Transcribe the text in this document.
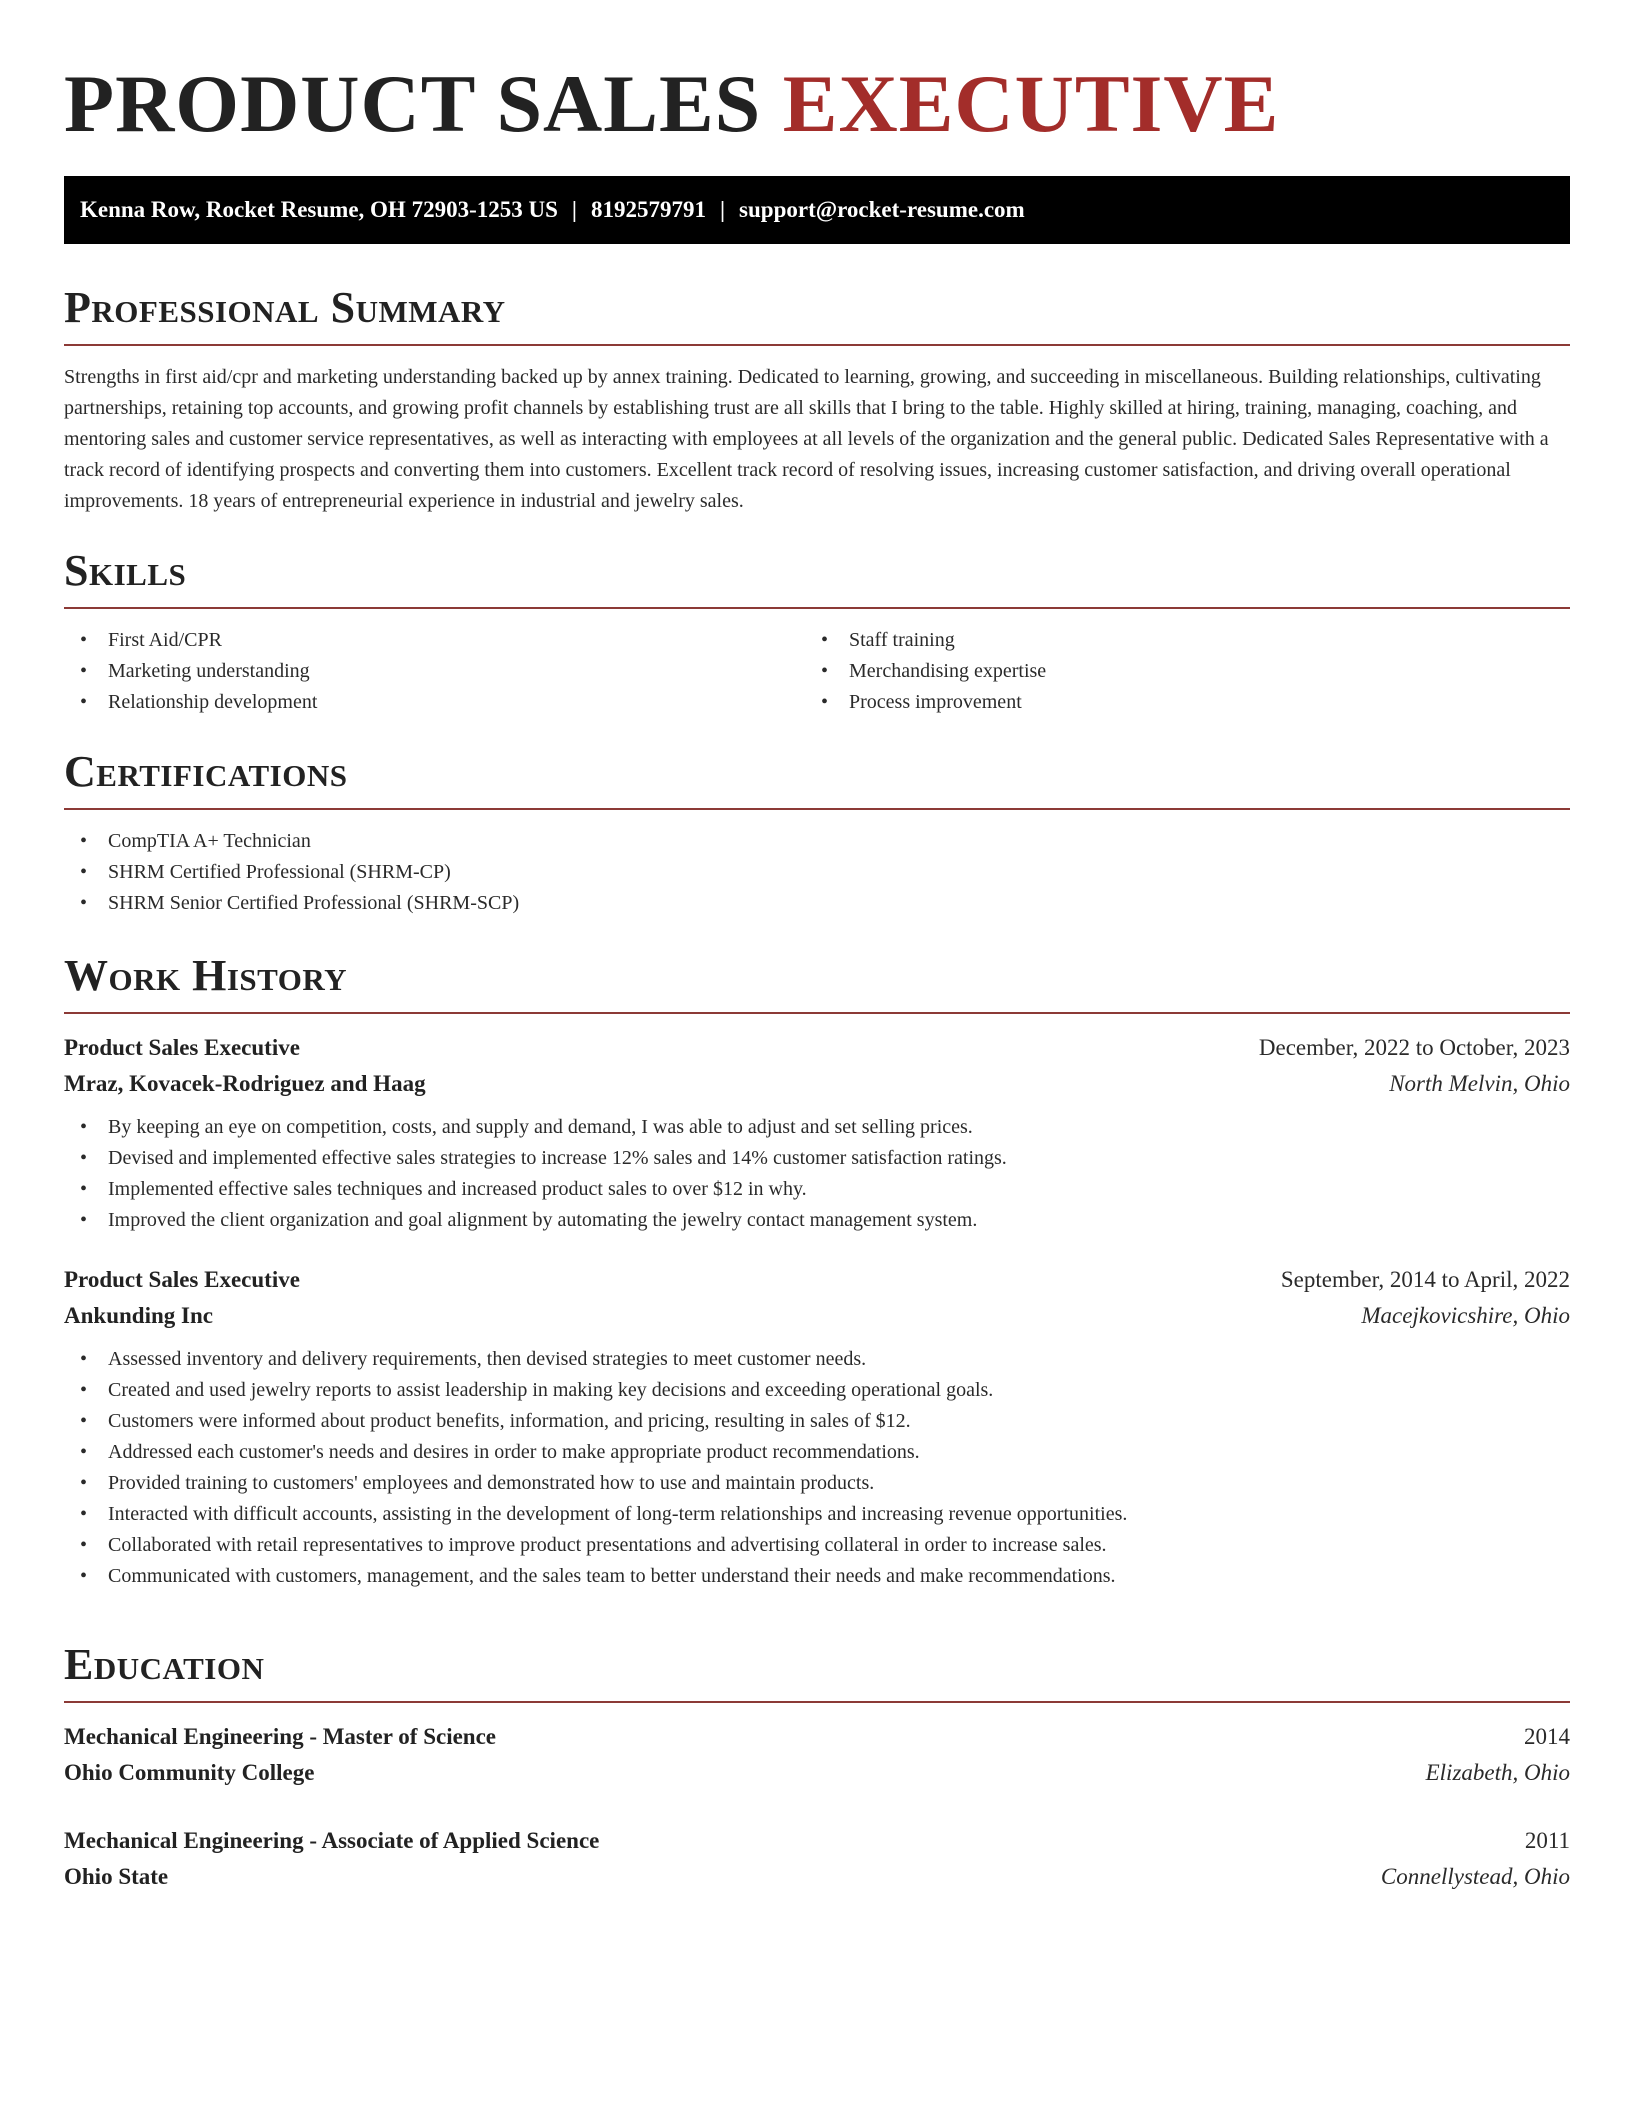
PRODUCT SALES EXECUTIVE
Kenna Row, Rocket Resume, OH 72903-1253 US | 8192579791 | support@rocket-resume.com
Professional Summary

Strengths in first aid/cpr and marketing understanding backed up by annex training. Dedicated to learning, growing, and succeeding in miscellaneous. Building relationships, cultivating partnerships, retaining top accounts, and growing profit channels by establishing trust are all skills that I bring to the table. Highly skilled at hiring, training, managing, coaching, and mentoring sales and customer service representatives, as well as interacting with employees at all levels of the organization and the general public. Dedicated Sales Representative with a track record of identifying prospects and converting them into customers. Excellent track record of resolving issues, increasing customer satisfaction, and driving overall operational improvements. 18 years of entrepreneurial experience in industrial and jewelry sales.

Skills
• First Aid/CPR
• Marketing understanding
• Relationship development
• Staff training
• Merchandising expertise
• Process improvement
Certifications
• CompTIA A+ Technician
• SHRM Certified Professional (SHRM-CP)
• SHRM Senior Certified Professional (SHRM-SCP)
Work History
Product Sales Executive	December, 2022 to October, 2023
Mraz, Kovacek-Rodriguez and Haag	North Melvin, Ohio
• By keeping an eye on competition, costs, and supply and demand, I was able to adjust and set selling prices.
• Devised and implemented effective sales strategies to increase 12% sales and 14% customer satisfaction ratings.
• Implemented effective sales techniques and increased product sales to over $12 in why.
• Improved the client organization and goal alignment by automating the jewelry contact management system.
Product Sales Executive	September, 2014 to April, 2022
Ankunding Inc	Macejkovicshire, Ohio
• Assessed inventory and delivery requirements, then devised strategies to meet customer needs.
• Created and used jewelry reports to assist leadership in making key decisions and exceeding operational goals.
• Customers were informed about product benefits, information, and pricing, resulting in sales of $12.
• Addressed each customer's needs and desires in order to make appropriate product recommendations.
• Provided training to customers' employees and demonstrated how to use and maintain products.
• Interacted with difficult accounts, assisting in the development of long-term relationships and increasing revenue opportunities.
• Collaborated with retail representatives to improve product presentations and advertising collateral in order to increase sales.
• Communicated with customers, management, and the sales team to better understand their needs and make recommendations.
Education
Mechanical Engineering - Master of Science	2014
Ohio Community College	Elizabeth, Ohio
Mechanical Engineering - Associate of Applied Science	2011
Ohio State	Connellystead, Ohio
